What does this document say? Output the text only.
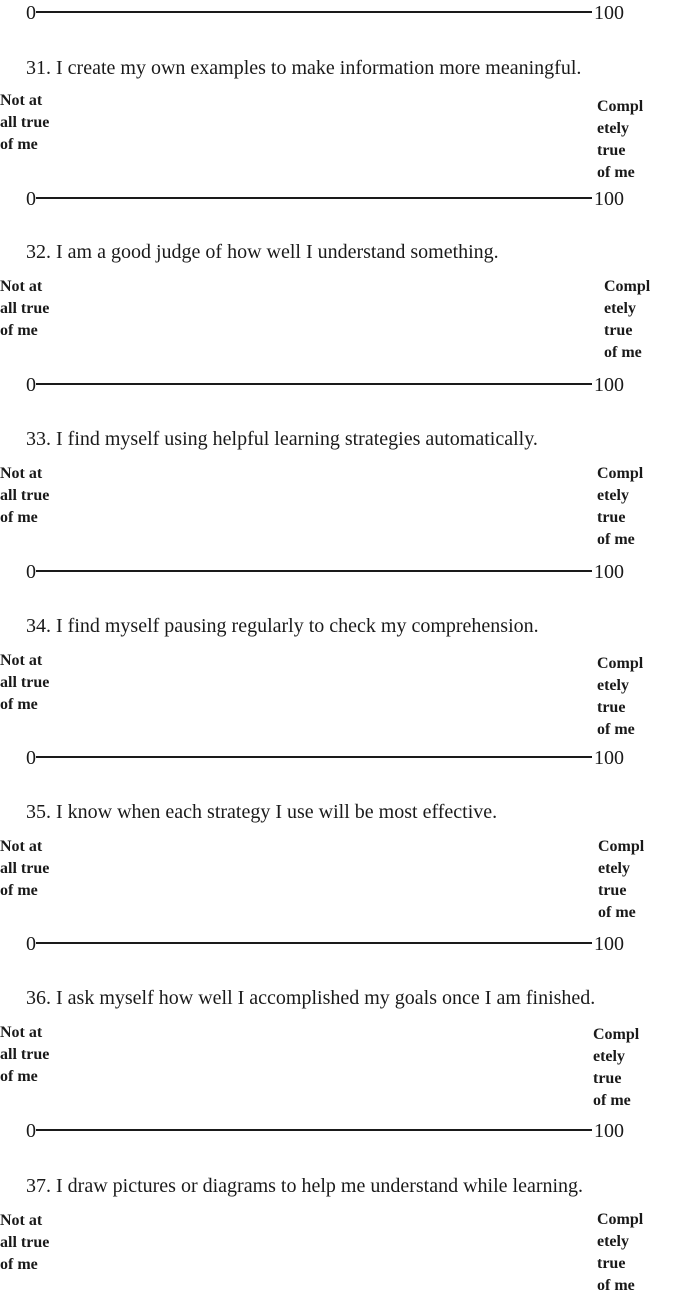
0	100
31. I create my own examples to make information more meaningful.
Not at
all true
of me
Compl
etely
true
of me
0	100
32. I am a good judge of how well I understand something.
Not at
all true
of me
Compl
etely
true
of me
0	100
33. I find myself using helpful learning strategies automatically.
Not at
all true
of me
Compl
etely
true
of me
0	100
34. I find myself pausing regularly to check my comprehension.
Not at
all true
of me
Compl
etely
true
of me
0	100
35. I know when each strategy I use will be most effective.
Not at
all true
of me
Compl
etely
true
of me
0	100
36. I ask myself how well I accomplished my goals once I am finished.
Not at
all true
of me
Compl
etely
true
of me
0	100
37. I draw pictures or diagrams to help me understand while learning.
Not at
all true
of me
Compl
etely
true
of me
